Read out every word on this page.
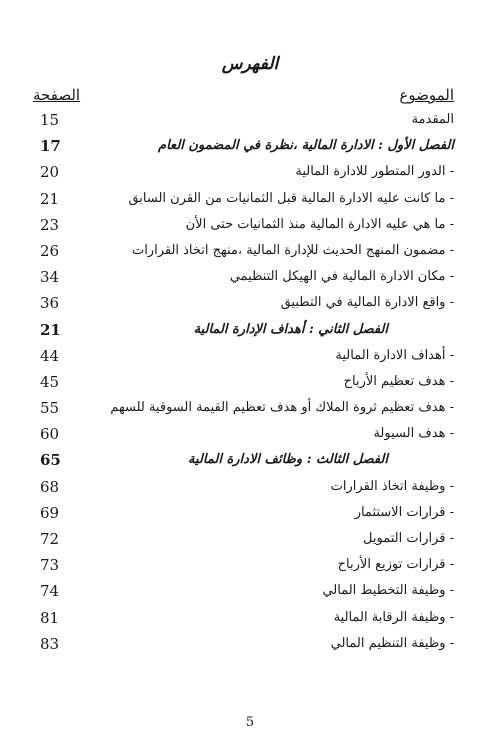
الفهرس
الصفحة	الموضوع
15	المقدمة
17	الفصل الأول : الادارة المالية ،نظرة في المضمون العام
20	- الدور المتطور للادارة المالية
21	- ما كانت عليه الادارة المالية قبل الثمانيات من القرن السابق
23	- ما هي عليه الادارة المالية منذ الثمانيات حتى الأن
26	- مضمون المنهج الحديث للإدارة المالية ،منهج اتخاذ القرارات
34	- مكان الادارة المالية في الهيكل التنظيمي
36	- واقع الادارة المالية في التطبيق
21	الفصل الثاني : أهداف الإدارة المالية
44	- أهداف الادارة المالية
45	- هدف تعظيم الأرباح
55	- هدف تعظيم ثروة الملاك أو هدف تعظيم القيمة السوقية للسهم
60	- هدف السيولة
65	الفصل الثالث : وظائف الادارة المالية
68	- وظيفة اتخاذ القرارات
69	- قرارات الاستثمار
72	- قرارات التمويل
73	- قرارات توزيع الأرباح
74	- وظيفة التخطيط المالي
81	- وظيفة الرقابة المالية
83	- وظيفة التنظيم المالي
5
